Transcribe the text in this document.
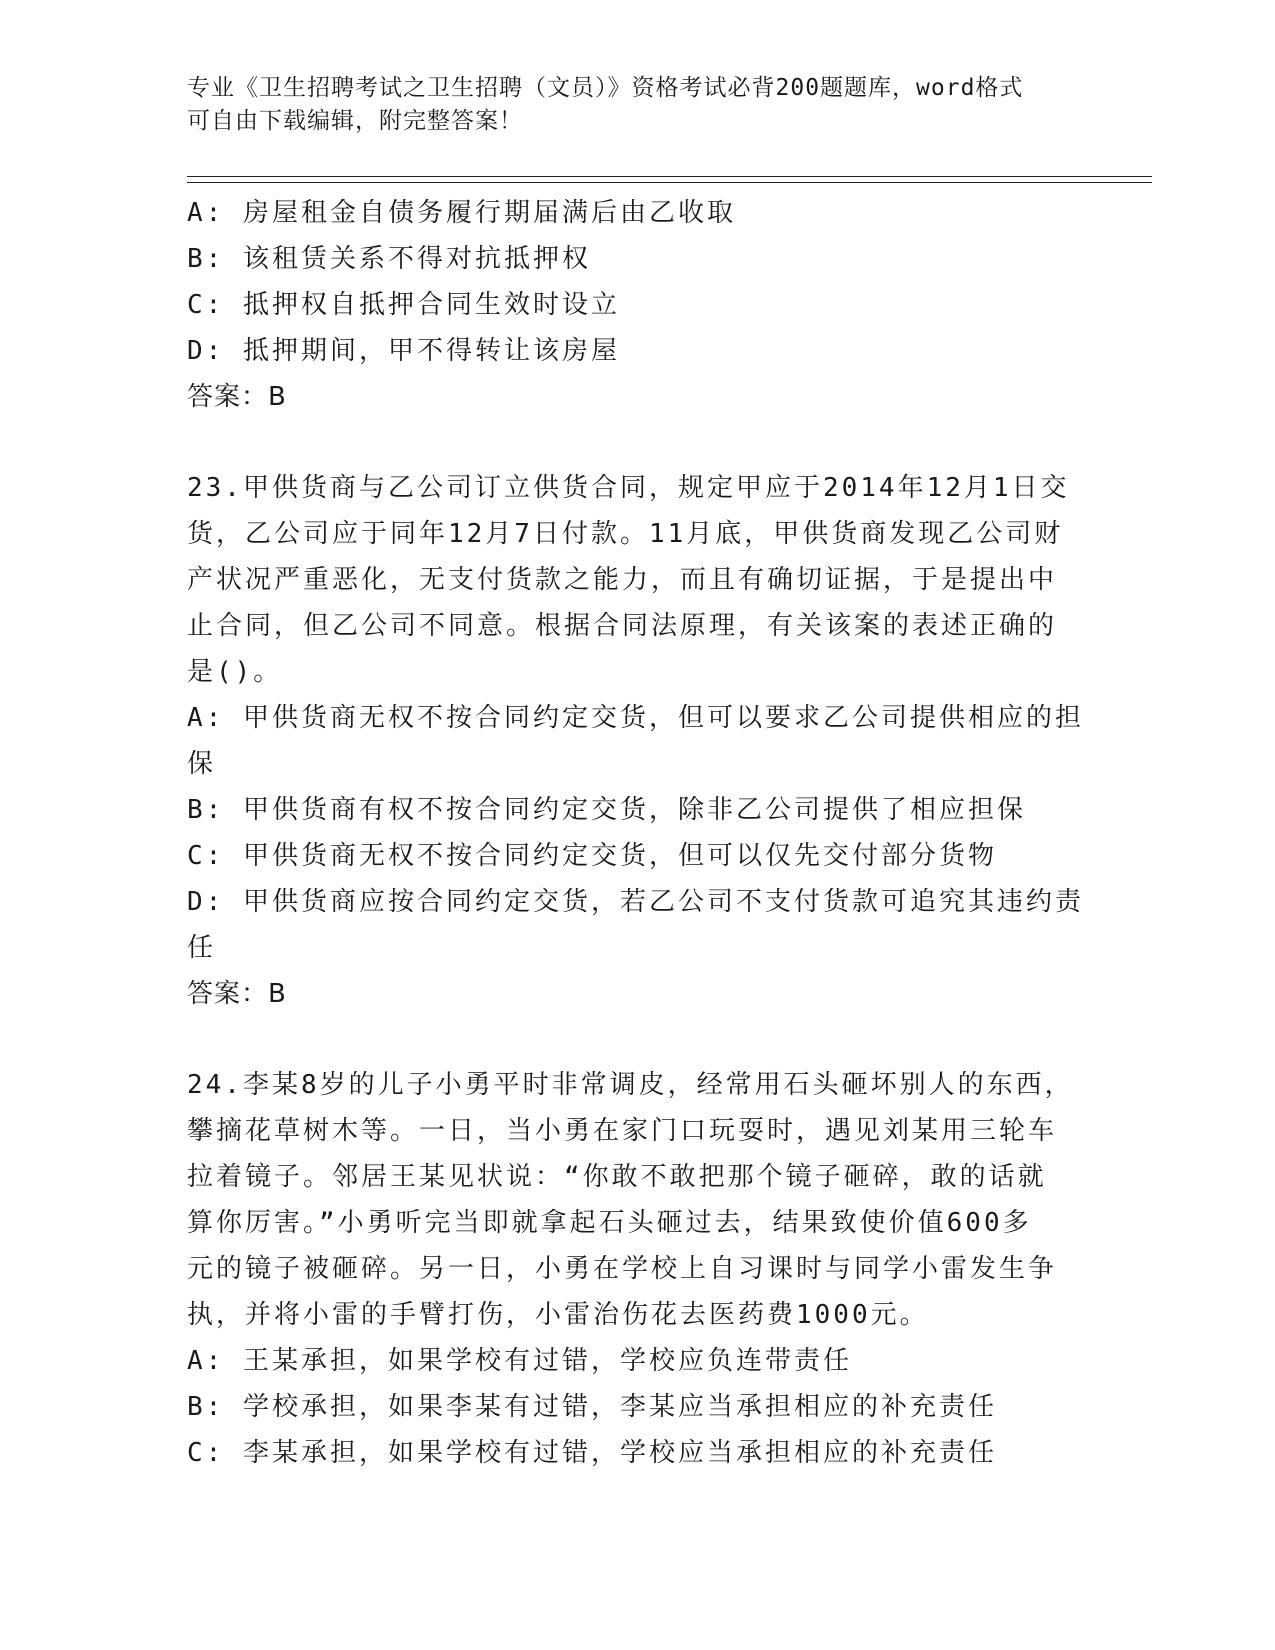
专业《卫生招聘考试之卫生招聘（文员）》资格考试必背200题题库，word格式
可自由下载编辑，附完整答案！
A: 房屋租金自债务履行期届满后由乙收取
B: 该租赁关系不得对抗抵押权
C: 抵押权自抵押合同生效时设立
D: 抵押期间，甲不得转让该房屋
答案：B
23.甲供货商与乙公司订立供货合同，规定甲应于2014年12月1日交
货，乙公司应于同年12月7日付款。11月底，甲供货商发现乙公司财
产状况严重恶化，无支付货款之能力，而且有确切证据，于是提出中
止合同，但乙公司不同意。根据合同法原理，有关该案的表述正确的
是()。
A: 甲供货商无权不按合同约定交货，但可以要求乙公司提供相应的担
保
B: 甲供货商有权不按合同约定交货，除非乙公司提供了相应担保
C: 甲供货商无权不按合同约定交货，但可以仅先交付部分货物
D: 甲供货商应按合同约定交货，若乙公司不支付货款可追究其违约责
任
答案：B
24.李某8岁的儿子小勇平时非常调皮，经常用石头砸坏别人的东西，
攀摘花草树木等。一日，当小勇在家门口玩耍时，遇见刘某用三轮车
拉着镜子。邻居王某见状说：“你敢不敢把那个镜子砸碎，敢的话就
算你厉害。”小勇听完当即就拿起石头砸过去，结果致使价值600多
元的镜子被砸碎。另一日，小勇在学校上自习课时与同学小雷发生争
执，并将小雷的手臂打伤，小雷治伤花去医药费1000元。
A: 王某承担，如果学校有过错，学校应负连带责任
B: 学校承担，如果李某有过错，李某应当承担相应的补充责任
C: 李某承担，如果学校有过错，学校应当承担相应的补充责任
